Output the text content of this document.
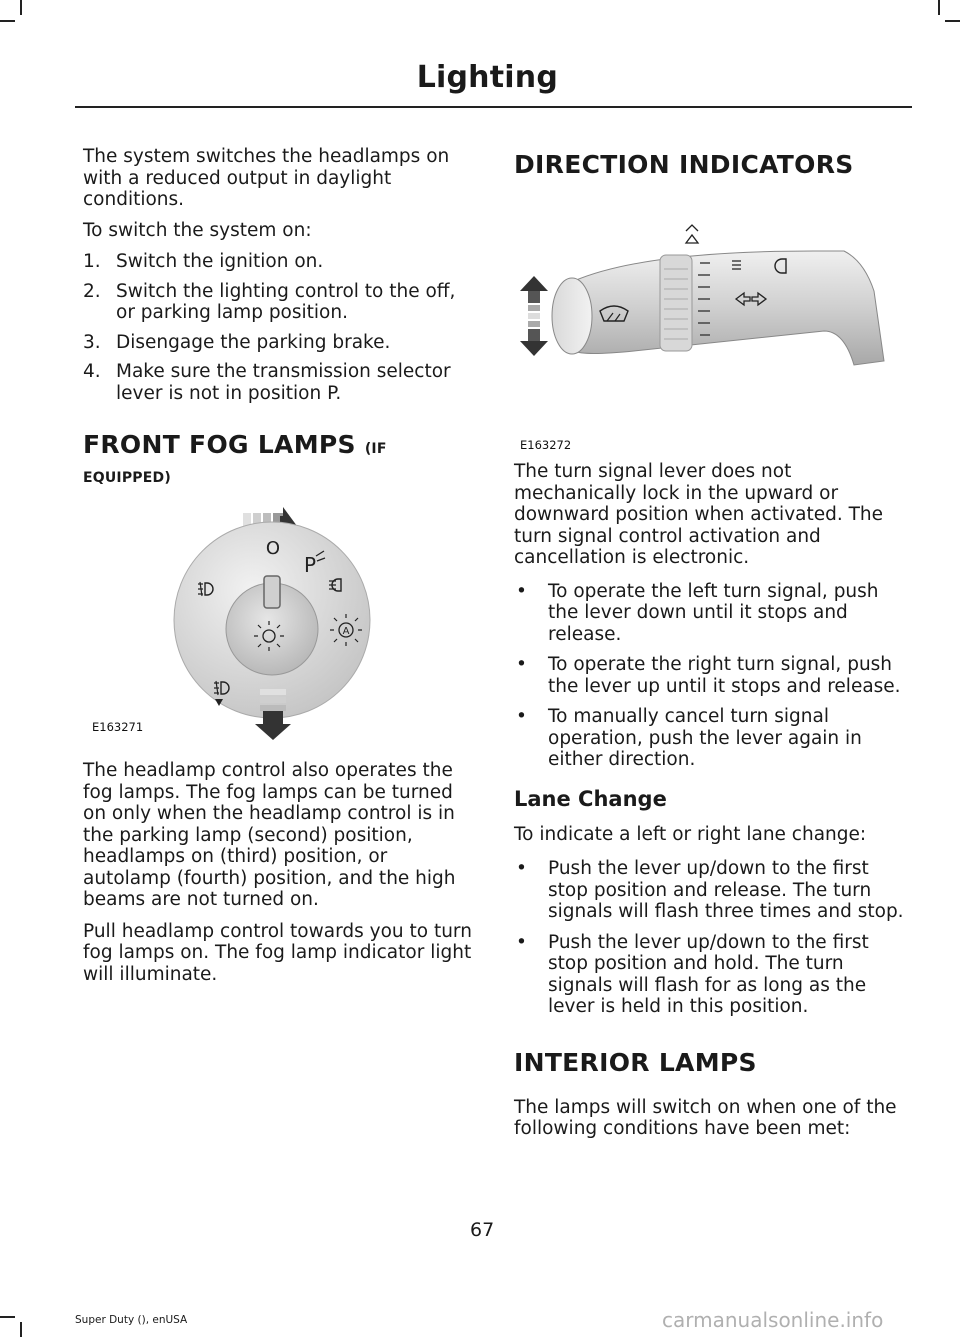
Lighting

The system switches the headlamps on with a reduced output in daylight conditions.

To switch the system on:

1. Switch the ignition on.
2. Switch the lighting control to the off, or parking lamp position.
3. Disengage the parking brake.
4. Make sure the transmission selector lever is not in position P.
FRONT FOG LAMPS (IF EQUIPPED)
O
P
A
E163271

The headlamp control also operates the fog lamps. The fog lamps can be turned on only when the headlamp control is in the parking lamp (second) position, headlamps on (third) position, or autolamp (fourth) position, and the high beams are not turned on.

Pull headlamp control towards you to turn fog lamps on. The fog lamp indicator light will illuminate.

DIRECTION INDICATORS
E163272

The turn signal lever does not mechanically lock in the upward or downward position when activated. The turn signal control activation and cancellation is electronic.

• To operate the left turn signal, push the lever down until it stops and release.
• To operate the right turn signal, push the lever up until it stops and release.
• To manually cancel turn signal operation, push the lever again in either direction.
Lane Change

To indicate a left or right lane change:

• Push the lever up/down to the first stop position and release. The turn signals will flash three times and stop.
• Push the lever up/down to the first stop position and hold. The turn signals will flash for as long as the lever is held in this position.
INTERIOR LAMPS

The lamps will switch on when one of the following conditions have been met:

67
Super Duty (), enUSA	carmanualsonline.info
